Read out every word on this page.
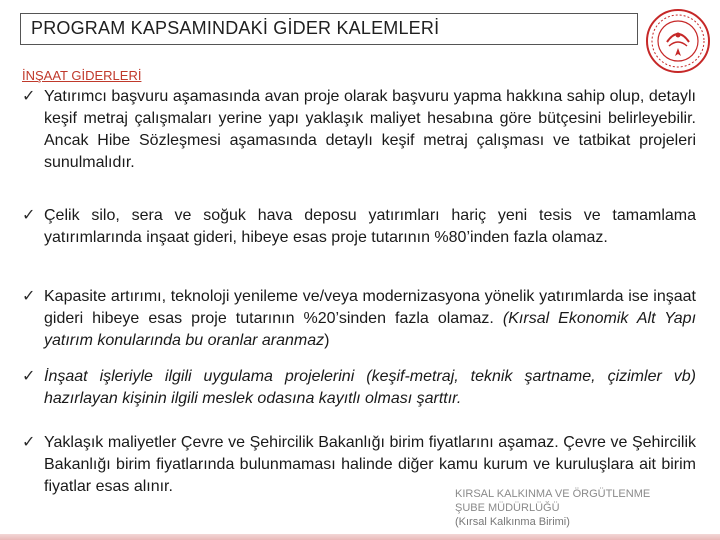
PROGRAM KAPSAMINDAKİ GİDER KALEMLERİ
İNŞAAT GİDERLERİ
✓ Yatırımcı başvuru aşamasında avan proje olarak başvuru yapma hakkına sahip olup, detaylı keşif metraj çalışmaları yerine yapı yaklaşık maliyet hesabına göre bütçesini belirleyebilir. Ancak Hibe Sözleşmesi aşamasında detaylı keşif metraj çalışması ve tatbikat projeleri sunulmalıdır.
✓ Çelik silo, sera ve soğuk hava deposu yatırımları hariç yeni tesis ve tamamlama yatırımlarında inşaat gideri, hibeye esas proje tutarının %80’inden fazla olamaz.
✓ Kapasite artırımı, teknoloji yenileme ve/veya modernizasyona yönelik yatırımlarda ise inşaat gideri hibeye esas proje tutarının %20’sinden fazla olamaz. (Kırsal Ekonomik Alt Yapı yatırım konularında bu oranlar aranmaz)
✓ İnşaat işleriyle ilgili uygulama projelerini (keşif-metraj, teknik şartname, çizimler vb) hazırlayan kişinin ilgili meslek odasına kayıtlı olması şarttır.
✓ Yaklaşık maliyetler Çevre ve Şehircilik Bakanlığı birim fiyatlarını aşamaz. Çevre ve Şehircilik Bakanlığı birim fiyatlarında bulunmaması halinde diğer kamu kurum ve kuruluşlara ait birim fiyatlar esas alınır.	KIRSAL KALKINMA VE ÖRGÜTLENME
ŞUBE MÜDÜRLÜĞÜ
(Kırsal Kalkınma Birimi)
